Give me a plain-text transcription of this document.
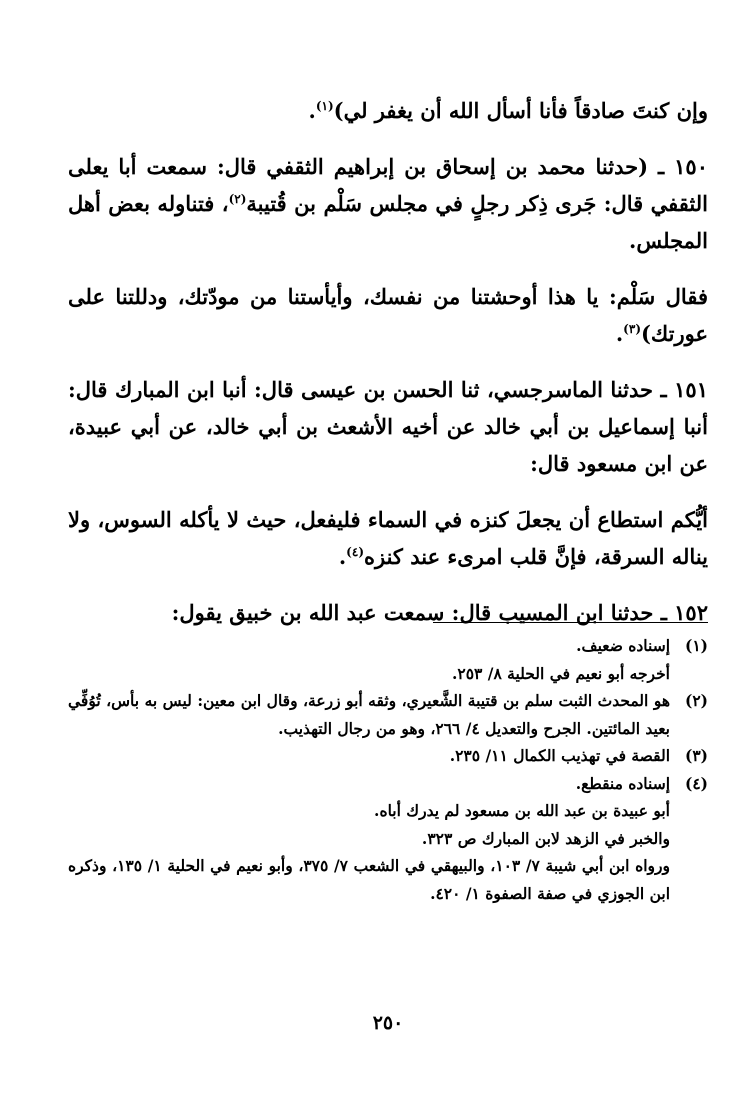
وإن كنتَ صادقاً فأنا أسأل الله أن يغفر لي)$^{(١)}$.

١٥٠ ـ (حدثنا محمد بن إسحاق بن إبراهيم الثقفي قال: سمعت أبا يعلى الثقفي قال: جَرى ذِكر رجلٍ في مجلس سَلْم بن قُتيبة$^{(٢)}$، فتناوله بعض أهل المجلس.

فقال سَلْم: يا هذا أوحشتنا من نفسك، وأيأستنا من مودّتك، ودللتنا على عورتك)$^{(٣)}$.

١٥١ ـ حدثنا الماسرجسي، ثنا الحسن بن عيسى قال: أنبا ابن المبارك قال: أنبا إسماعيل بن أبي خالد عن أخيه الأشعث بن أبي خالد، عن أبي عبيدة، عن ابن مسعود قال:

أيُّكم استطاع أن يجعلَ كنزه في السماء فليفعل، حيث لا يأكله السوس، ولا يناله السرقة، فإنَّ قلب امرىء عند كنزه$^{(٤)}$.

١٥٢ ـ حدثنا ابن المسيب قال: سمعت عبد الله بن خبيق يقول:

(١)
إسناده ضعيف.
أخرجه أبو نعيم في الحلية ٨/ ٢٥٣.
(٢)
هو المحدث الثبت سلم بن قتيبة الشَّعيري، وثقه أبو زرعة، وقال ابن معين: ليس به بأس، تُوُفِّي بعيد المائتين. الجرح والتعديل ٤/ ٢٦٦، وهو من رجال التهذيب.
(٣)
القصة في تهذيب الكمال ١١/ ٢٣٥.
(٤)
إسناده منقطع.
أبو عبيدة بن عبد الله بن مسعود لم يدرك أباه.
والخبر في الزهد لابن المبارك ص ٣٢٣.
ورواه ابن أبي شيبة ٧/ ١٠٣، والبيهقي في الشعب ٧/ ٣٧٥، وأبو نعيم في الحلية ١/ ١٣٥، وذكره ابن الجوزي في صفة الصفوة ١/ ٤٢٠.
٢٥٠
